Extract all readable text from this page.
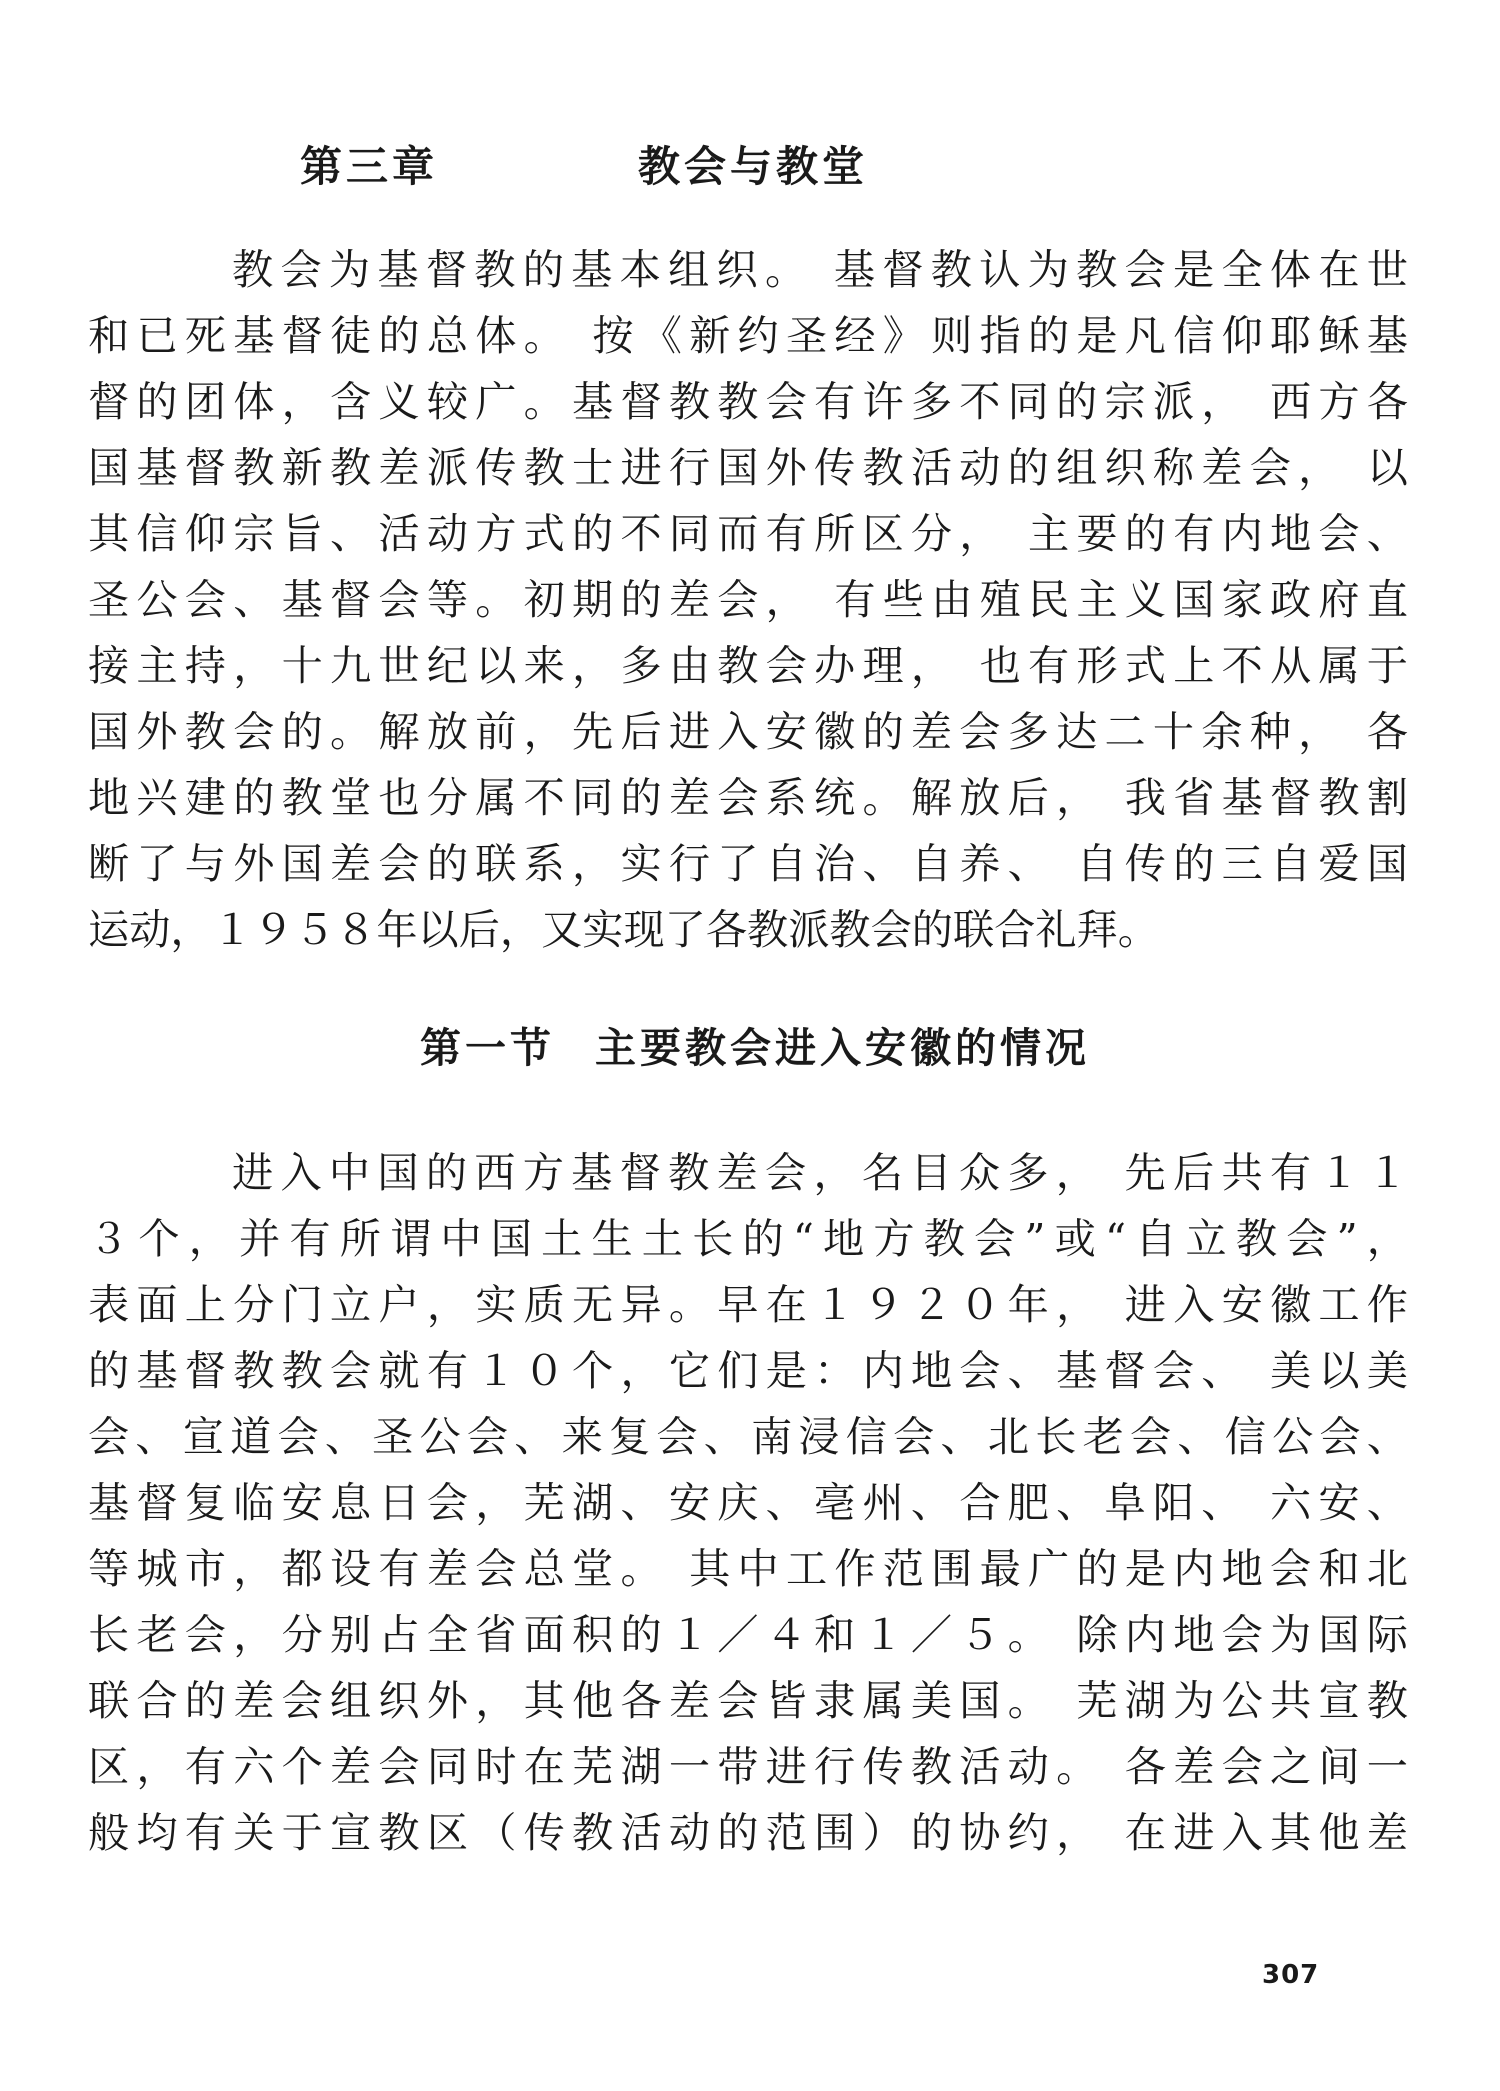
第三章	教会与教堂
教会为基督教的基本组织。 基督教认为教会是全体在世
和已死基督徒的总体。 按《新约圣经》则指的是凡信仰耶稣基
督的团体，含义较广。基督教教会有许多不同的宗派， 西方各
国基督教新教差派传教士进行国外传教活动的组织称差会， 以
其信仰宗旨、活动方式的不同而有所区分， 主要的有内地会、
圣公会、基督会等。初期的差会， 有些由殖民主义国家政府直
接主持，十九世纪以来，多由教会办理， 也有形式上不从属于
国外教会的。解放前，先后进入安徽的差会多达二十余种， 各
地兴建的教堂也分属不同的差会系统。解放后， 我省基督教割
断了与外国差会的联系，实行了自治、自养、 自传的三自爱国
运动，１９５８年以后，又实现了各教派教会的联合礼拜。
第一节 主要教会进入安徽的情况
进入中国的西方基督教差会，名目众多， 先后共有１１
３个，并有所谓中国土生土长的“地方教会”或“自立教会”，
表面上分门立户，实质无异。早在１９２０年， 进入安徽工作
的基督教教会就有１０个，它们是：内地会、基督会、 美以美
会、宣道会、圣公会、来复会、南浸信会、北长老会、信公会、
基督复临安息日会，芜湖、安庆、亳州、合肥、阜阳、 六安、
等城市，都设有差会总堂。 其中工作范围最广的是内地会和北
长老会，分别占全省面积的１／４和１／５。 除内地会为国际
联合的差会组织外，其他各差会皆隶属美国。 芜湖为公共宣教
区，有六个差会同时在芜湖一带进行传教活动。 各差会之间一
般均有关于宣教区（传教活动的范围）的协约， 在进入其他差
307
